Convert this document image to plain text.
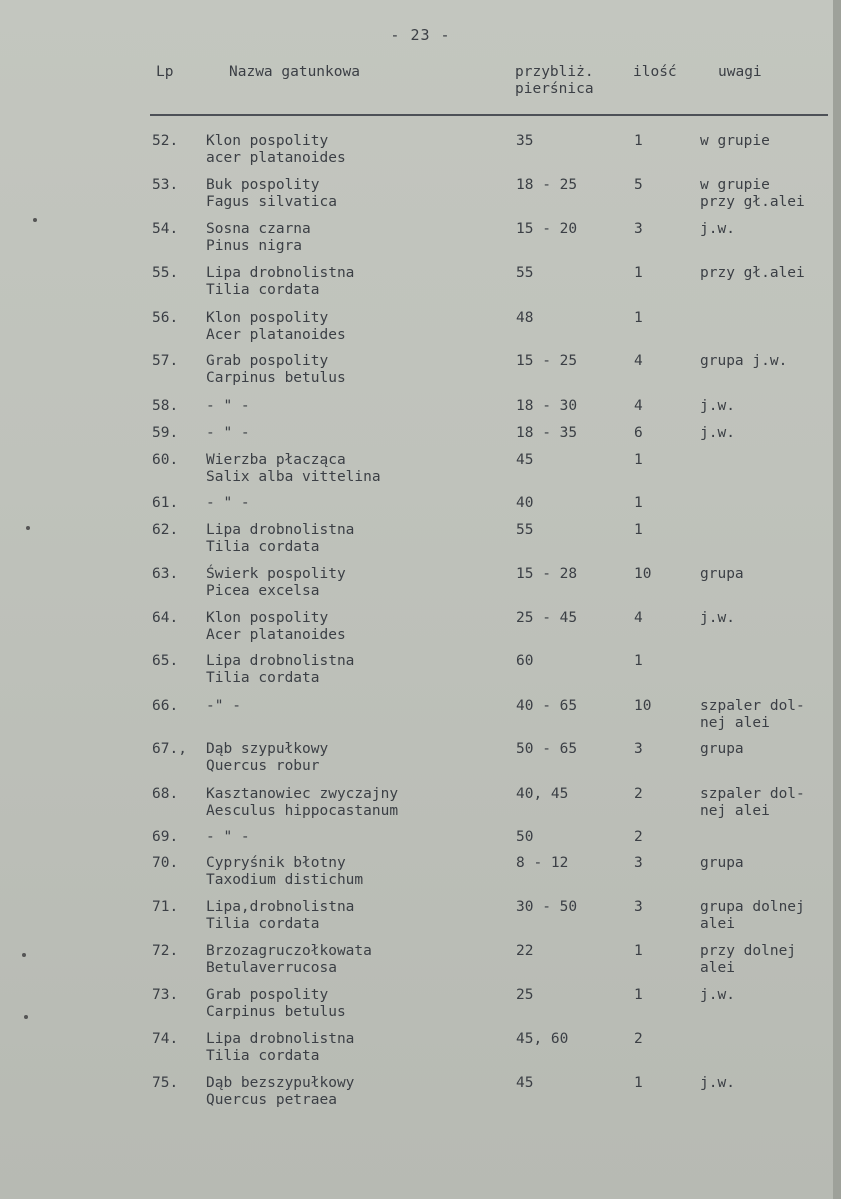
- 23 -
Lp	Nazwa gatunkowa	przybliż.
pierśnica
ilość	uwagi
52.	Klon pospolity
acer platanoides
35	1	w grupie
53.	Buk pospolity
Fagus silvatica
18 - 25	5	w grupie
przy gł.alei
54.	Sosna czarna
Pinus nigra
15 - 20	3	j.w.
55.	Lipa drobnolistna
Tilia cordata
55	1	przy gł.alei
56.	Klon pospolity
Acer platanoides
48	1
57.	Grab pospolity
Carpinus betulus
15 - 25	4	grupa j.w.
58.	- " -	18 - 30	4	j.w.
59.	- " -	18 - 35	6	j.w.
60.	Wierzba płacząca
Salix alba vittelina
45	1
61.	- " -	40	1
62.	Lipa drobnolistna
Tilia cordata
55	1
63.	Świerk pospolity
Picea excelsa
15 - 28	10	grupa
64.	Klon pospolity
Acer platanoides
25 - 45	4	j.w.
65.	Lipa drobnolistna
Tilia cordata
60	1
66.	-" -	40 - 65	10	szpaler dol-
nej alei
67.,	Dąb szypułkowy
Quercus robur
50 - 65	3	grupa
68.	Kasztanowiec zwyczajny
Aesculus hippocastanum
40, 45	2	szpaler dol-
nej alei
69.	- " -	50	2
70.	Cypryśnik błotny
Taxodium distichum
8 - 12	3	grupa
71.	Lipa,drobnolistna
Tilia cordata
30 - 50	3	grupa dolnej
alei
72.	Brzozagruczołkowata
Betulaverrucosa
22	1	przy dolnej
alei
73.	Grab pospolity
Carpinus betulus
25	1	j.w.
74.	Lipa drobnolistna
Tilia cordata
45, 60	2
75.	Dąb bezszypułkowy
Quercus petraea
45	1	j.w.
